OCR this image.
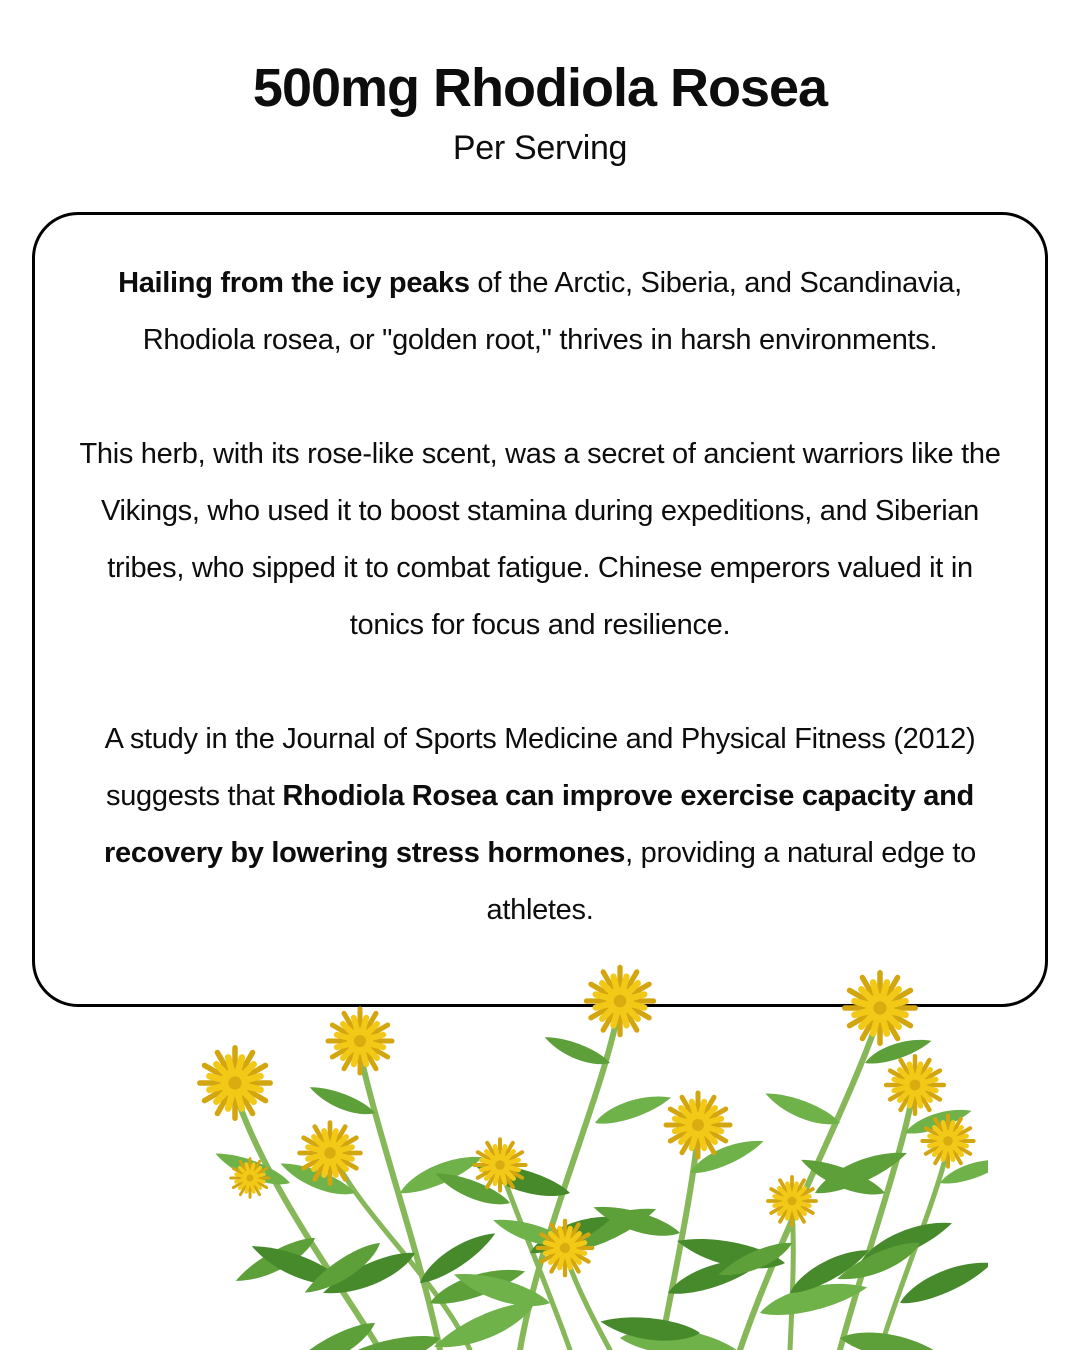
500mg Rhodiola Rosea
Per Serving

Hailing from the icy peaks of the Arctic, Siberia, and Scandinavia, Rhodiola rosea, or "golden root," thrives in harsh environments.

This herb, with its rose-like scent, was a secret of ancient warriors like the Vikings, who used it to boost stamina during expeditions, and Siberian tribes, who sipped it to combat fatigue. Chinese emperors valued it in tonics for focus and resilience.

A study in the Journal of Sports Medicine and Physical Fitness (2012) suggests that Rhodiola Rosea can improve exercise capacity and recovery by lowering stress hormones, providing a natural edge to athletes.
